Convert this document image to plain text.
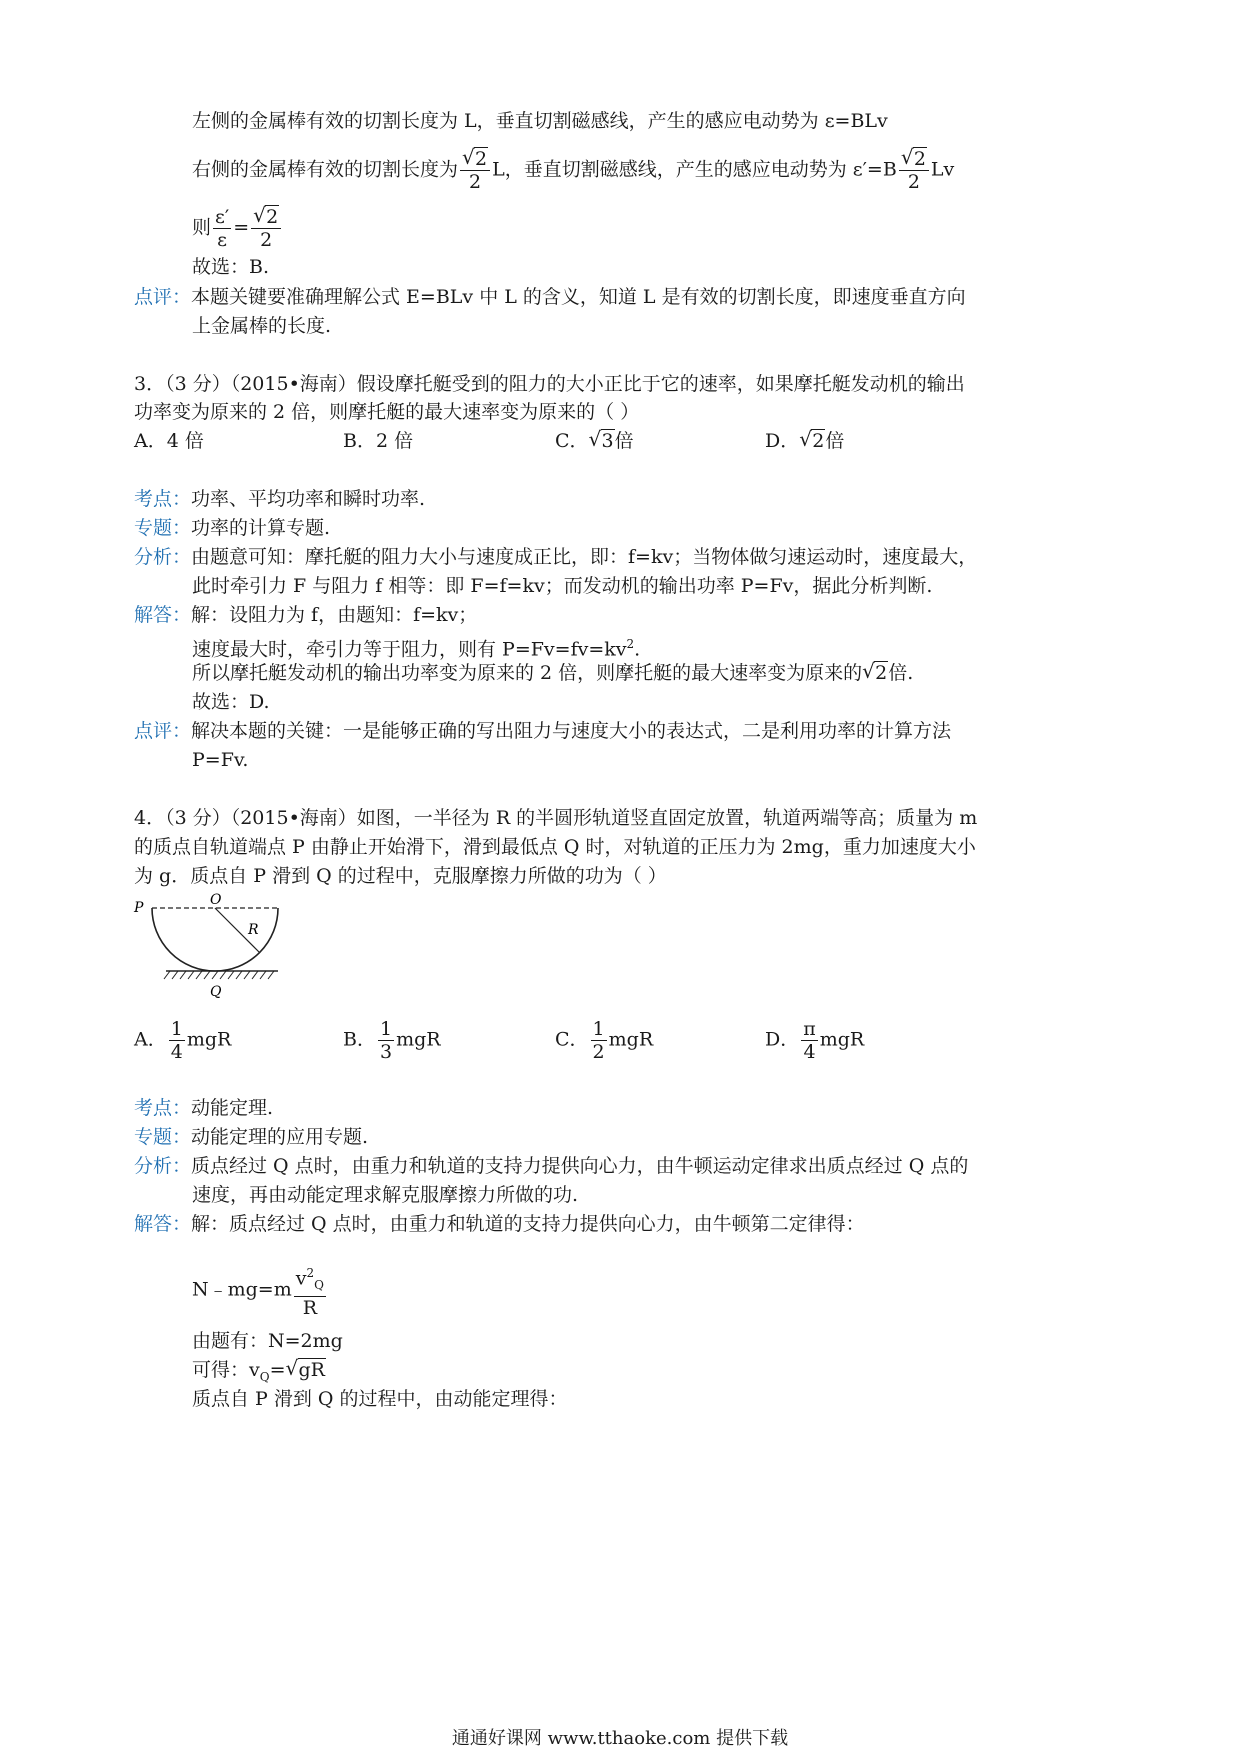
左侧的金属棒有效的切割长度为 L，垂直切割磁感线，产生的感应电动势为 ε=BLv
右侧的金属棒有效的切割长度为 $\frac{√ 2}{2}$ L，垂直切割磁感线，产生的感应电动势为 $\varepsilon'=B \frac{√ 2}{2}$ Lv
则 $\frac{\varepsilon'}{\varepsilon} = \frac{√ 2}{2}$
故选：B.
点评：本题关键要准确理解公式 E=BLv 中 L 的含义，知道 L 是有效的切割长度，即速度垂直方向
上金属棒的长度.
3．（3 分）（2015•海南）假设摩托艇受到的阻力的大小正比于它的速率，如果摩托艇发动机的输出
功率变为原来的 2 倍，则摩托艇的最大速率变为原来的（ ）
A．4 倍	B．2 倍	C． √ 3倍	D． √ 2倍
考点：功率、平均功率和瞬时功率.
专题：功率的计算专题.
分析：由题意可知：摩托艇的阻力大小与速度成正比，即：f=kv；当物体做匀速运动时，速度最大，
此时牵引力 F 与阻力 f 相等：即 F=f=kv；而发动机的输出功率 P=Fv，据此分析判断.
解答：解：设阻力为 f，由题知：f=kv；
速度最大时，牵引力等于阻力，则有 $P=Fv=fv=kv^2$.
所以摩托艇发动机的输出功率变为原来的 2 倍，则摩托艇的最大速率变为原来的 √ 2倍.
故选：D.
点评：解决本题的关键：一是能够正确的写出阻力与速度大小的表达式，二是利用功率的计算方法
P=Fv.
4．（3 分）（2015•海南）如图，一半径为 R 的半圆形轨道竖直固定放置，轨道两端等高；质量为 m
的质点自轨道端点 P 由静止开始滑下，滑到最低点 Q 时，对轨道的正压力为 2mg，重力加速度大小
为 g．质点自 P 滑到 Q 的过程中，克服摩擦力所做的功为（ ）
P	O
R
Q
A． $\frac{1}{4}$ mgR	B． $\frac{1}{3}$ mgR	C． $\frac{1}{2}$ mgR	D． $\frac{\pi}{4}$ mgR
考点：动能定理.
专题：动能定理的应用专题.
分析：质点经过 Q 点时，由重力和轨道的支持力提供向心力，由牛顿运动定律求出质点经过 Q 点的
速度，再由动能定理求解克服摩擦力所做的功.
解答：解：质点经过 Q 点时，由重力和轨道的支持力提供向心力，由牛顿第二定律得：
N﹣mg=m $\frac{v^2_Q}{R}$
由题有：N=2mg
可得：$v_Q=$ √ gR
质点自 P 滑到 Q 的过程中，由动能定理得：
通通好课网 www.tthaoke.com 提供下载
